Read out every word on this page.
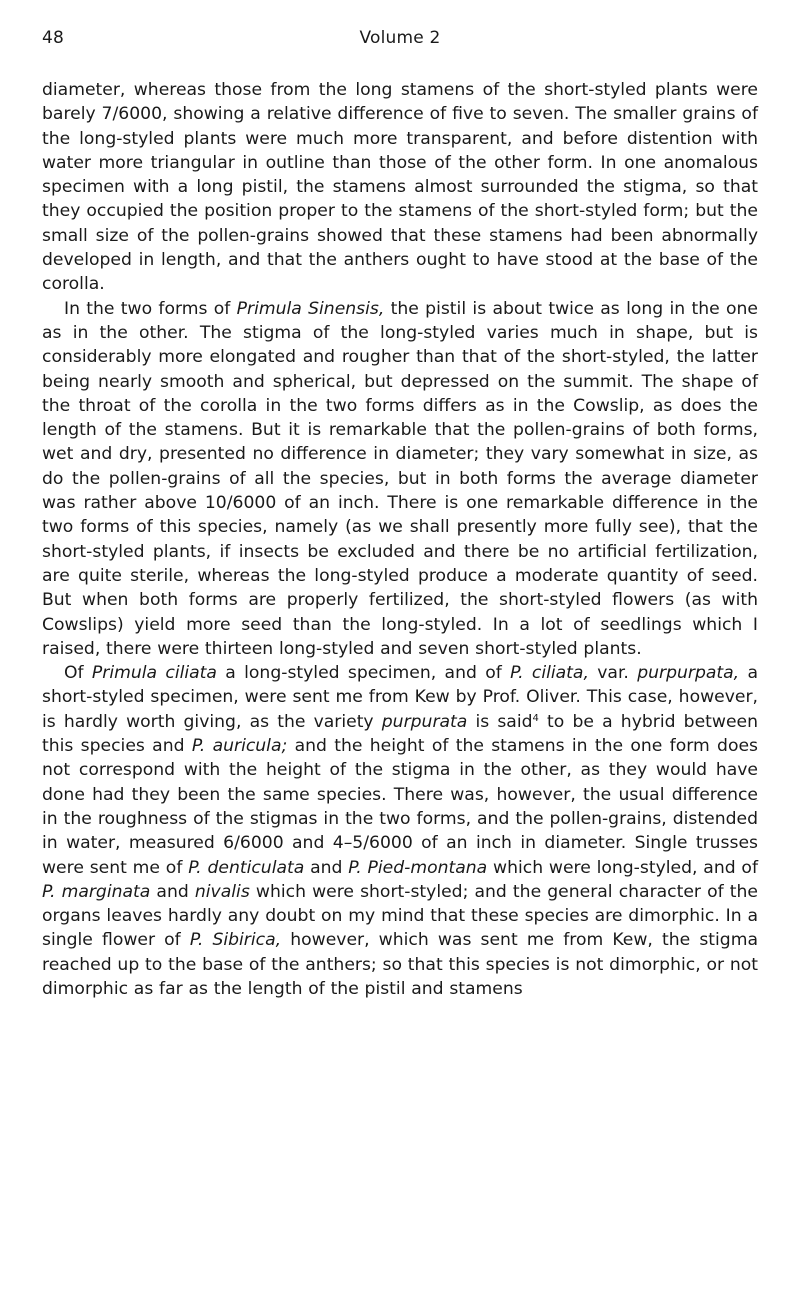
48	Volume 2

diameter, whereas those from the long stamens of the short-styled plants were barely 7/6000, showing a relative difference of five to seven. The smaller grains of the long-styled plants were much more transparent, and before distention with water more triangular in outline than those of the other form. In one anomalous specimen with a long pistil, the stamens almost surrounded the stigma, so that they occupied the position proper to the stamens of the short-styled form; but the small size of the pollen-grains showed that these stamens had been abnormally developed in length, and that the anthers ought to have stood at the base of the corolla.

In the two forms of Primula Sinensis, the pistil is about twice as long in the one as in the other. The stigma of the long-styled varies much in shape, but is considerably more elongated and rougher than that of the short-styled, the latter being nearly smooth and spherical, but depressed on the summit. The shape of the throat of the corolla in the two forms differs as in the Cowslip, as does the length of the stamens. But it is remarkable that the pollen-grains of both forms, wet and dry, presented no difference in diameter; they vary somewhat in size, as do the pollen-grains of all the species, but in both forms the average diameter was rather above 10/6000 of an inch. There is one remarkable difference in the two forms of this species, namely (as we shall presently more fully see), that the short-styled plants, if insects be excluded and there be no artificial fertilization, are quite sterile, whereas the long-styled produce a moderate quantity of seed. But when both forms are properly fertilized, the short-styled flowers (as with Cowslips) yield more seed than the long-styled. In a lot of seedlings which I raised, there were thirteen long-styled and seven short-styled plants.

Of Primula ciliata a long-styled specimen, and of P. ciliata, var. purpurpata, a short-styled specimen, were sent me from Kew by Prof. Oliver. This case, however, is hardly worth giving, as the variety purpurata is said$^4$ to be a hybrid between this species and P. auricula; and the height of the stamens in the one form does not correspond with the height of the stigma in the other, as they would have done had they been the same species. There was, however, the usual difference in the roughness of the stigmas in the two forms, and the pollen-grains, distended in water, measured 6/6000 and 4–5/6000 of an inch in diameter. Single trusses were sent me of P. denticulata and P. Pied-montana which were long-styled, and of P. marginata and nivalis which were short-styled; and the general character of the organs leaves hardly any doubt on my mind that these species are dimorphic. In a single flower of P. Sibirica, however, which was sent me from Kew, the stigma reached up to the base of the anthers; so that this species is not dimorphic, or not dimorphic as far as the length of the pistil and stamens
